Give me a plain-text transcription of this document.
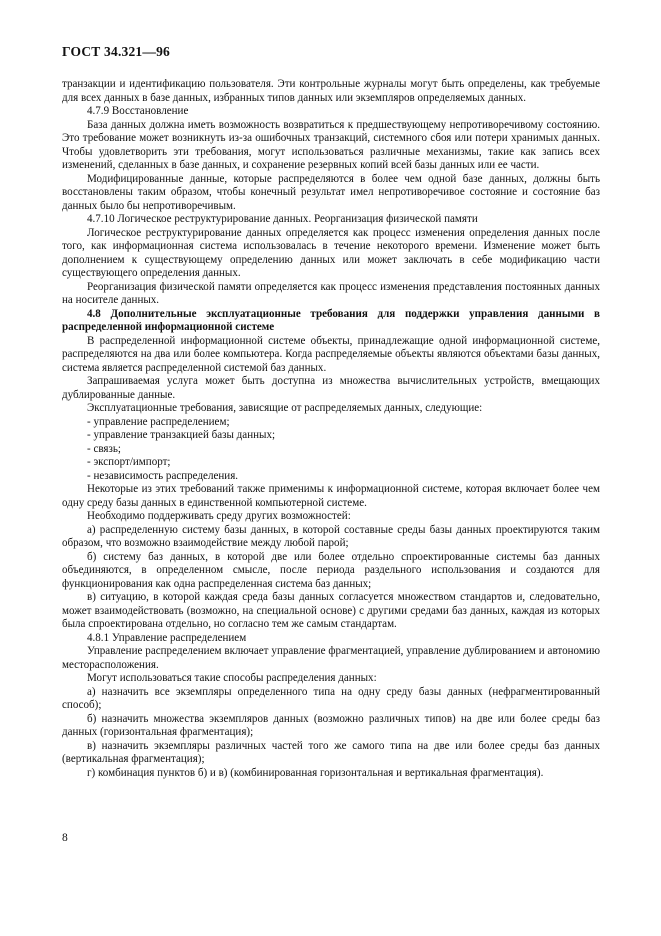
ГОСТ 34.321—96

транзакции и идентификацию пользователя. Эти контрольные журналы могут быть определены, как требуемые для всех данных в базе данных, избранных типов данных или экземпляров определяемых данных.

4.7.9 Восстановление

База данных должна иметь возможность возвратиться к предшествующему непротиворечивому состоянию. Это требование может возникнуть из-за ошибочных транзакций, системного сбоя или потери хранимых данных. Чтобы удовлетворить эти требования, могут использоваться различные механизмы, такие как запись всех изменений, сделанных в базе данных, и сохранение резервных копий всей базы данных или ее части.

Модифицированные данные, которые распределяются в более чем одной базе данных, должны быть восстановлены таким образом, чтобы конечный результат имел непротиворечивое состояние и состояние баз данных было бы непротиворечивым.

4.7.10 Логическое реструктурирование данных. Реорганизация физической памяти

Логическое реструктурирование данных определяется как процесс изменения определения данных после того, как информационная система использовалась в течение некоторого времени. Изменение может быть дополнением к существующему определению данных или может заключать в себе модификацию части существующего определения данных.

Реорганизация физической памяти определяется как процесс изменения представления постоянных данных на носителе данных.

4.8 Дополнительные эксплуатационные требования для поддержки управления данными в распределенной информационной системе

В распределенной информационной системе объекты, принадлежащие одной информационной системе, распределяются на два или более компьютера. Когда распределяемые объекты являются объектами базы данных, система является распределенной системой баз данных.

Запрашиваемая услуга может быть доступна из множества вычислительных устройств, вмещающих дублированные данные.

Эксплуатационные требования, зависящие от распределяемых данных, следующие:

- управление распределением;

- управление транзакцией базы данных;

- связь;

- экспорт/импорт;

- независимость распределения.

Некоторые из этих требований также применимы к информационной системе, которая включает более чем одну среду базы данных в единственной компьютерной системе.

Необходимо поддерживать среду других возможностей:

а) распределенную систему базы данных, в которой составные среды базы данных проектируются таким образом, что возможно взаимодействие между любой парой;

б) систему баз данных, в которой две или более отдельно спроектированные системы баз данных объединяются, в определенном смысле, после периода раздельного использования и создаются для функционирования как одна распределенная система баз данных;

в) ситуацию, в которой каждая среда базы данных согласуется множеством стандартов и, следовательно, может взаимодействовать (возможно, на специальной основе) с другими средами баз данных, каждая из которых была спроектирована отдельно, но согласно тем же самым стандартам.

4.8.1 Управление распределением

Управление распределением включает управление фрагментацией, управление дублированием и автономию месторасположения.

Могут использоваться такие способы распределения данных:

а) назначить все экземпляры определенного типа на одну среду базы данных (нефрагментированный способ);

б) назначить множества экземпляров данных (возможно различных типов) на две или более среды баз данных (горизонтальная фрагментация);

в) назначить экземпляры различных частей того же самого типа на две или более среды баз данных (вертикальная фрагментация);

г) комбинация пунктов б) и в) (комбинированная горизонтальная и вертикальная фрагментация).

8
